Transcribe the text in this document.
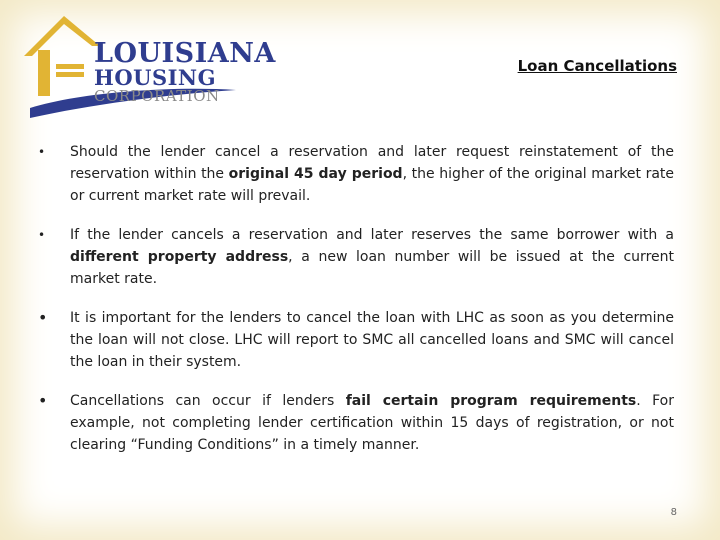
LOUISIANA
HOUSING
CORPORATION
Loan Cancellations
•	Should the lender cancel a reservation and later request reinstatement of the reservation within the original 45 day period, the higher of the original market rate or current market rate will prevail.
•	If the lender cancels a reservation and later reserves the same borrower with a different property address, a new loan number will be issued at the current market rate.
•	It is important for the lenders to cancel the loan with LHC as soon as you determine the loan will not close. LHC will report to SMC all cancelled loans and SMC will cancel the loan in their system.
•	Cancellations can occur if lenders fail certain program requirements. For example, not completing lender certification within 15 days of registration, or not clearing “Funding Conditions” in a timely manner.
8
